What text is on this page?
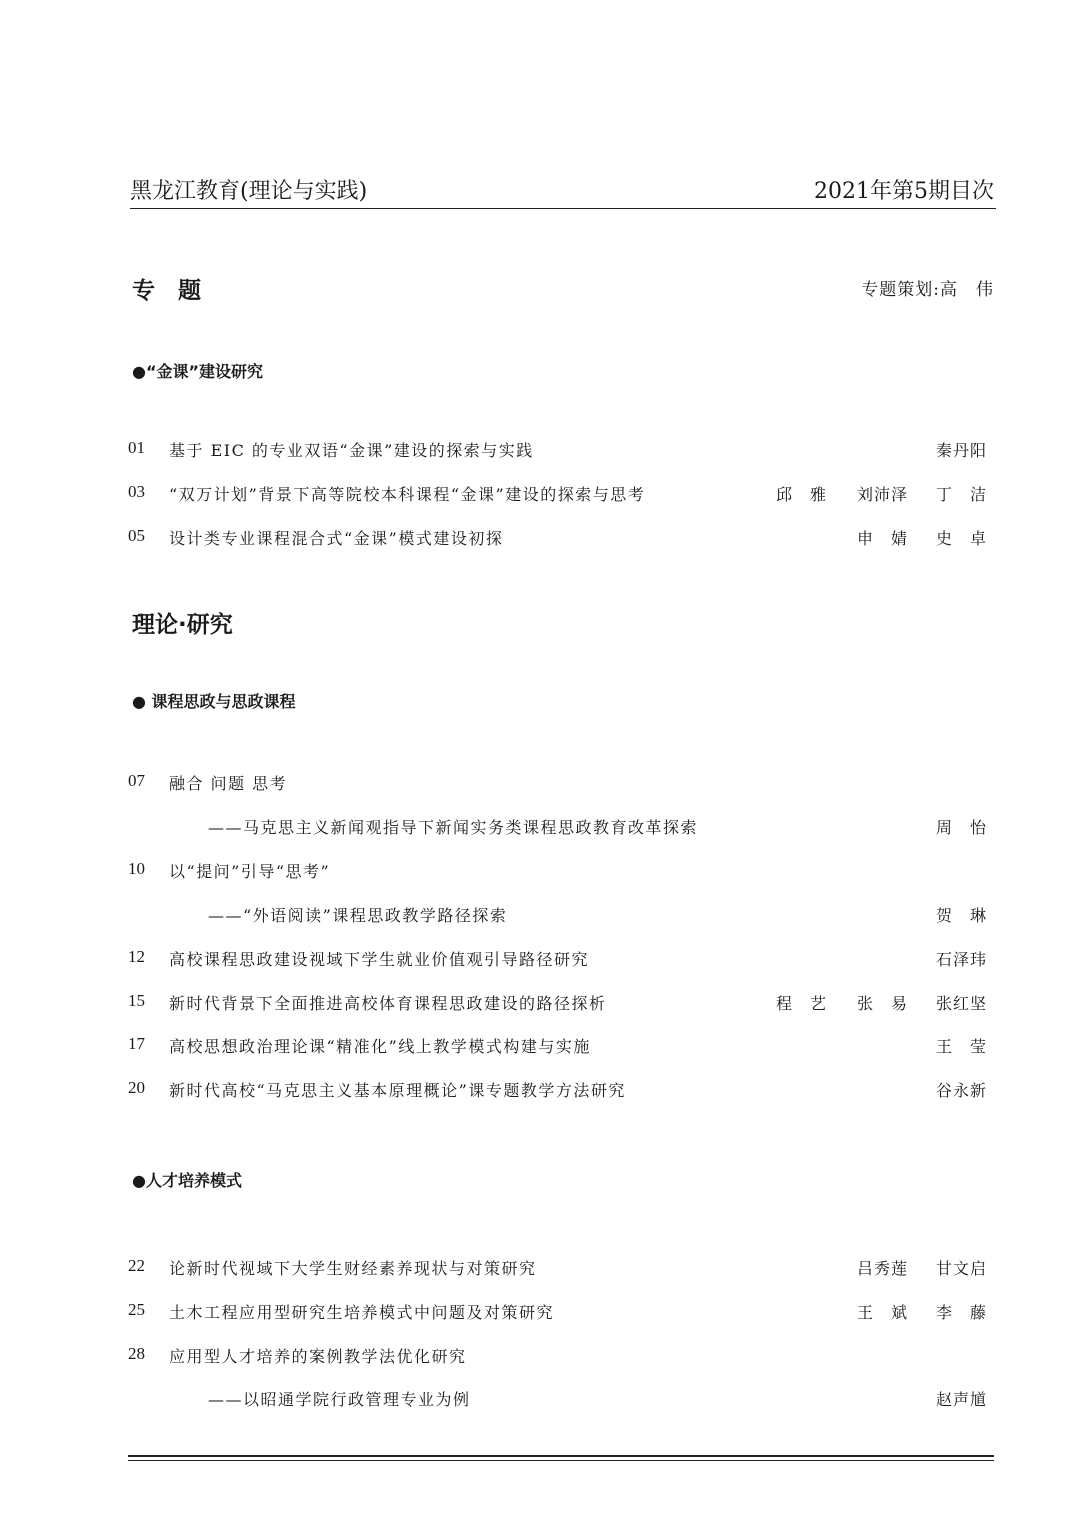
黑龙江教育(理论与实践)	2021年第5期目次
专　题	专题策划:高　伟
●“金课”建设研究
01	基于 EIC 的专业双语“金课”建设的探索与实践	秦丹阳
03	“双万计划”背景下高等院校本科课程“金课”建设的探索与思考	邱　雅 刘沛泽 丁　洁
05	设计类专业课程混合式“金课”模式建设初探	申　婧 史　卓
理论·研究
● 课程思政与思政课程
07	融合 问题 思考
——马克思主义新闻观指导下新闻实务类课程思政教育改革探索	周　怡
10	以“提问”引导“思考”
——“外语阅读”课程思政教学路径探索	贺　琳
12	高校课程思政建设视域下学生就业价值观引导路径研究	石泽玮
15	新时代背景下全面推进高校体育课程思政建设的路径探析	程　艺 张　易 张红坚
17	高校思想政治理论课“精准化”线上教学模式构建与实施	王　莹
20	新时代高校“马克思主义基本原理概论”课专题教学方法研究	谷永新
●人才培养模式
22	论新时代视域下大学生财经素养现状与对策研究	吕秀莲 甘文启
25	土木工程应用型研究生培养模式中问题及对策研究	王　斌 李　藤
28	应用型人才培养的案例教学法优化研究
——以昭通学院行政管理专业为例	赵声馗
